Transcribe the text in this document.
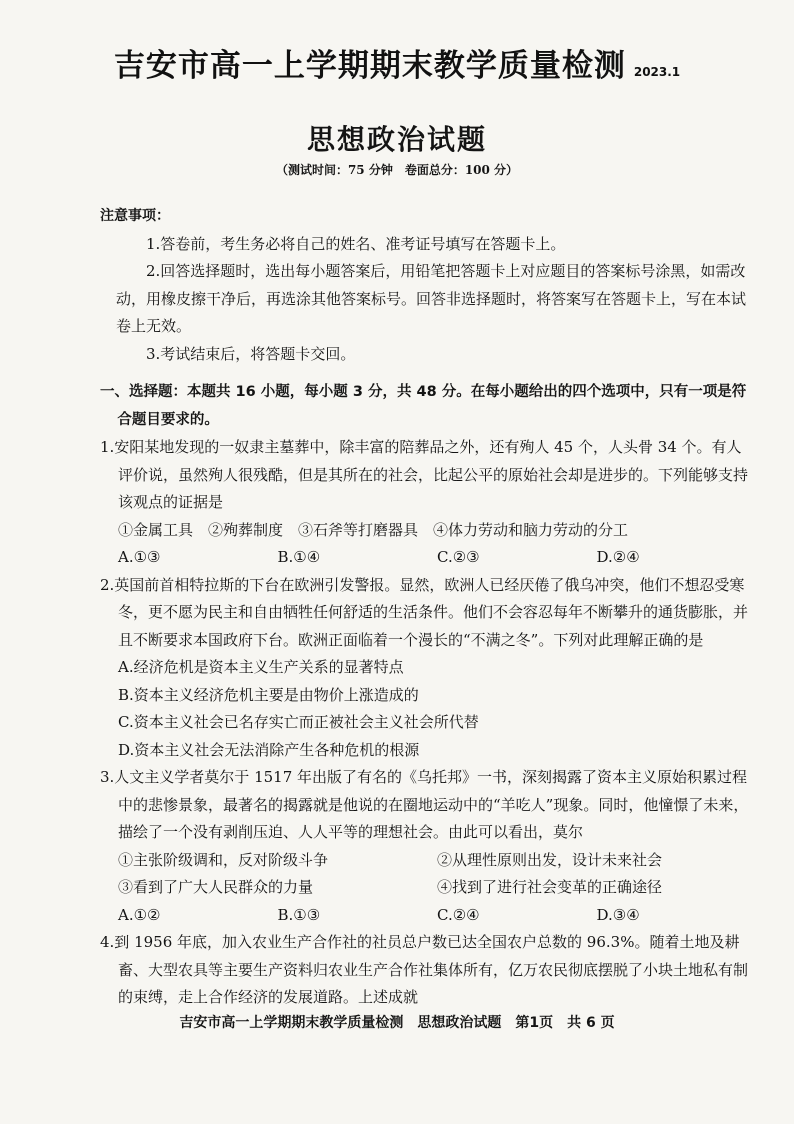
吉安市高一上学期期末教学质量检测 2023.1
思想政治试题
（测试时间：75 分钟　卷面总分：100 分）
注意事项：
1.答卷前，考生务必将自己的姓名、准考证号填写在答题卡上。
2.回答选择题时，选出每小题答案后，用铅笔把答题卡上对应题目的答案标号涂黑，如需改动，用橡皮擦干净后，再选涂其他答案标号。回答非选择题时，将答案写在答题卡上，写在本试卷上无效。
3.考试结束后，将答题卡交回。
一、选择题：本题共 16 小题，每小题 3 分，共 48 分。在每小题给出的四个选项中，只有一项是符合题目要求的。
1.安阳某地发现的一奴隶主墓葬中，除丰富的陪葬品之外，还有殉人 45 个，人头骨 34 个。有人评价说，虽然殉人很残酷，但是其所在的社会，比起公平的原始社会却是进步的。下列能够支持该观点的证据是
①金属工具　②殉葬制度　③石斧等打磨器具　④体力劳动和脑力劳动的分工
A.①③	B.①④	C.②③	D.②④
2.英国前首相特拉斯的下台在欧洲引发警报。显然，欧洲人已经厌倦了俄乌冲突，他们不想忍受寒冬，更不愿为民主和自由牺牲任何舒适的生活条件。他们不会容忍每年不断攀升的通货膨胀，并且不断要求本国政府下台。欧洲正面临着一个漫长的“不满之冬”。下列对此理解正确的是
A.经济危机是资本主义生产关系的显著特点
B.资本主义经济危机主要是由物价上涨造成的
C.资本主义社会已名存实亡而正被社会主义社会所代替
D.资本主义社会无法消除产生各种危机的根源
3.人文主义学者莫尔于 1517 年出版了有名的《乌托邦》一书，深刻揭露了资本主义原始积累过程中的悲惨景象，最著名的揭露就是他说的在圈地运动中的“羊吃人”现象。同时，他憧憬了未来，描绘了一个没有剥削压迫、人人平等的理想社会。由此可以看出，莫尔
①主张阶级调和，反对阶级斗争	②从理性原则出发，设计未来社会
③看到了广大人民群众的力量	④找到了进行社会变革的正确途径
A.①②	B.①③	C.②④	D.③④
4.到 1956 年底，加入农业生产合作社的社员总户数已达全国农户总数的 96.3%。随着土地及耕畜、大型农具等主要生产资料归农业生产合作社集体所有，亿万农民彻底摆脱了小块土地私有制的束缚，走上合作经济的发展道路。上述成就
吉安市高一上学期期末教学质量检测　思想政治试题　第1页　共 6 页
